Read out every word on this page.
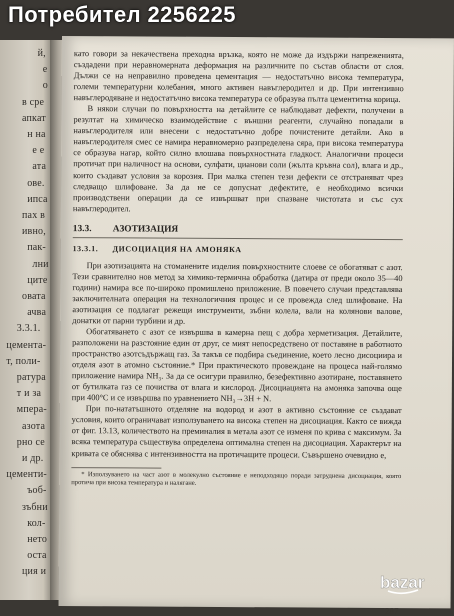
й,
е
о
в сре
апкат
н на
е е
ата
ове.
ипса
пах в
ивно,
пак-
лни
ците
овата
ачва
3.3.1.
цемента-
т, поли-
ратура
т и за
мпера-
азота
рно се
и др.
цементи-
ъоб-
зъбни
кол-
нето
оста
ция и

като говори за некачествена преходна връзка, която не може да издържи напреженията, създадени при неравномерната деформация на различните по състав области от слоя. Дължи се на неправилно проведена цементация — недостатъчно висока температура, големи температурни колебания, много активен навъглеродител и др. При интензивно навъглеродяване и недостатъчно висока температура се образува пълта цементитна корица.

В някои случаи по повърхността на детайлите се наблюдават дефекти, получени в резултат на химическо взаимодействие с външни реагенти, случайно попадали в навъглеродителя или внесени с недостатъчно добре почистените детайли. Ако в навъглеродителя смес се намира неравномерно разпределена сяра, при висока температура се образува нагар, който силно влошава повърхностната гладкост. Аналогични процеси протичат при наличност на основи, сулфати, цианови соли (жълта кръвна сол), влага и др., които създават условия за корозия. При малка степен тези дефекти се отстраняват чрез следващо шлифоване. За да не се допуснат дефектите, е необходимо всички производствени операции да се извършват при спазване чистотата и със сух навъглеродител.

13.3.	АЗОТИЗАЦИЯ
13.3.1. ДИСОЦИАЦИЯ НА АМОНЯКА

При азотизацията на стоманените изделия повърхностните слоеве се обогатяват с азот. Тези сравнително нов метод за химико-термична обработка (датира от преди около 35—40 години) намира все по-широко промишлено приложение. В повечето случаи представлява заключителната операция на технологичния процес и се провежда след шлифоване. На азотизация се подлагат режещи инструменти, зъбни колела, вали на колянови валове, донатки от парни турбини и др.

Обогатяването с азот се извършва в камерна пещ с добра херметизация. Детайлите, разположени на разстояние един от друг, се мият непосредствено от поставяне в работното пространство азотсъдържащ газ. За такъв се подбира съединение, което лесно дисоциира и отделя азот в атомно състояние.* При практическото провеждане на процеса най-голямо приложение намира NH₃. За да се осигури правилно, безефективно азотиране, поставянето от бутилката газ се почиства от влага и кислород. Дисоциацията на амоняка започва още при 400°C и се извършва по уравнението NH₃→3H + N.

При по-нататъшното отделяне на водород и азот в активно състояние се създават условия, които ограничават използуването на висока степен на дисоциация. Както се вижда от фиг. 13.13, количеството на преминалия в метала азот се изменя по крива с максимум. За всяка температура съществува определена оптимална степен на дисоциация. Характерът на кривата се обяснява с интензивността на протичащите процеси. Съвършено очевидно е,

* Използуването на част азот в молекулно състояние е неподходящо поради затруднена дисоциация, която протича при висока температура и налягане.

287
Потребител 2256225
bazar
